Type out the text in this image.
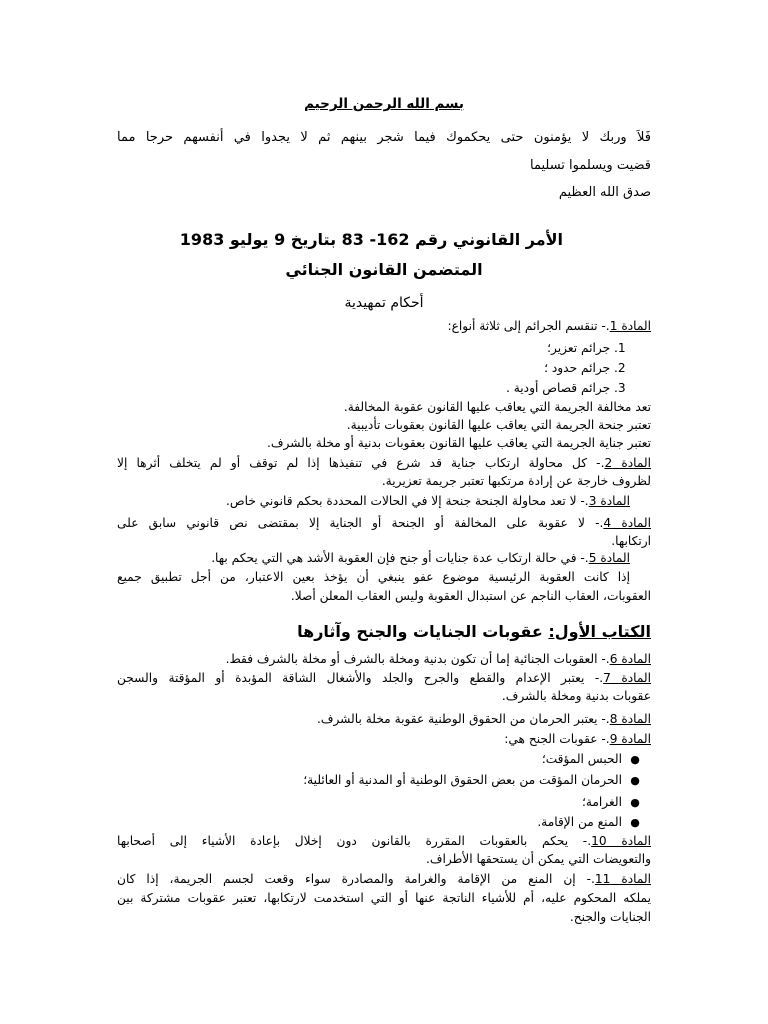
بسم الله الرحمن الرحيم
فَلاَ وربك لا يؤمنون حتى يحكموك فيما شجر بينهم ثم لا يجدوا في أنفسهم حرجا مما
قضيت ويسلموا تسليما
صدق الله العظيم
الأمر القانوني رقم 162- 83 بتاريخ 9 يوليو 1983
المتضمن القانون الجنائي
أحكام تمهيدية
المادة 1.- تنقسم الجرائم إلى ثلاثة أنواع:
1. جرائم تعزير؛
2. جرائم حدود ؛
3. جرائم قصاص أودية .
تعد مخالفة الجريمة التي يعاقب عليها القانون عقوبة المخالفة.
تعتبر جنحة الجريمة التي يعاقب عليها القانون بعقوبات تأديبية.
تعتبر جناية الجريمة التي يعاقب عليها القانون بعقوبات بدنية أو مخلة بالشرف.
المادة 2.- كل محاولة ارتكاب جناية قد شرع في تنفيذها إذا لم توقف أو لم يتخلف أثرها إلا
لظروف خارجة عن إرادة مرتكبها تعتبر جريمة تعزيرية.
المادة 3.- لا تعد محاولة الجنحة جنحة إلا في الحالات المحددة بحكم قانوني خاص.
المادة 4.- لا عقوبة على المخالفة أو الجنحة أو الجناية إلا بمقتضى نص قانوني سابق على
ارتكابها.
المادة 5.- في حالة ارتكاب عدة جنايات أو جنح فإن العقوبة الأشد هي التي يحكم بها.
إذا كانت العقوبة الرئيسية موضوع عفو ينبغي أن يؤخذ بعين الاعتبار، من أجل تطبيق جميع
العقوبات، العقاب الناجم عن استبدال العقوبة وليس العقاب المعلن أصلا.
الكتاب الأول: عقوبات الجنايات والجنح وآثارها
المادة 6.- العقوبات الجنائية إما أن تكون بدنية ومخلة بالشرف أو مخلة بالشرف فقط.
المادة 7.- يعتبر الإعدام والقطع والجرح والجلد والأشغال الشاقة المؤبدة أو المؤقتة والسجن
عقوبات بدنية ومخلة بالشرف.
المادة 8.- يعتبر الحرمان من الحقوق الوطنية عقوبة مخلة بالشرف.
المادة 9.- عقوبات الجنح هي:
●الحبس المؤقت؛
●الحرمان المؤقت من بعض الحقوق الوطنية أو المدنية أو العائلية؛
●الغرامة؛
●المنع من الإقامة.
المادة 10.- يحكم بالعقوبات المقررة بالقانون دون إخلال بإعادة الأشياء إلى أصحابها
والتعويضات التي يمكن أن يستحقها الأطراف.
المادة 11.- إن المنع من الإقامة والغرامة والمصادرة سواء وقعت لجسم الجريمة، إذا كان
يملكه المحكوم عليه، أم للأشياء الناتجة عنها أو التي استخدمت لارتكابها، تعتبر عقوبات مشتركة بين
الجنايات والجنح.
